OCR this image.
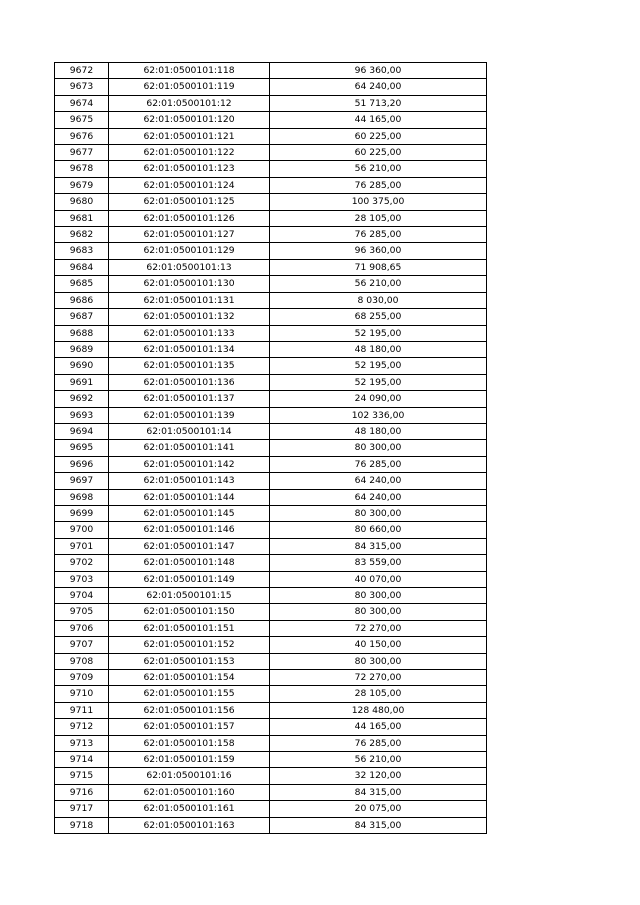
9672	62:01:0500101:118	96 360,00
9673	62:01:0500101:119	64 240,00
9674	62:01:0500101:12	51 713,20
9675	62:01:0500101:120	44 165,00
9676	62:01:0500101:121	60 225,00
9677	62:01:0500101:122	60 225,00
9678	62:01:0500101:123	56 210,00
9679	62:01:0500101:124	76 285,00
9680	62:01:0500101:125	100 375,00
9681	62:01:0500101:126	28 105,00
9682	62:01:0500101:127	76 285,00
9683	62:01:0500101:129	96 360,00
9684	62:01:0500101:13	71 908,65
9685	62:01:0500101:130	56 210,00
9686	62:01:0500101:131	8 030,00
9687	62:01:0500101:132	68 255,00
9688	62:01:0500101:133	52 195,00
9689	62:01:0500101:134	48 180,00
9690	62:01:0500101:135	52 195,00
9691	62:01:0500101:136	52 195,00
9692	62:01:0500101:137	24 090,00
9693	62:01:0500101:139	102 336,00
9694	62:01:0500101:14	48 180,00
9695	62:01:0500101:141	80 300,00
9696	62:01:0500101:142	76 285,00
9697	62:01:0500101:143	64 240,00
9698	62:01:0500101:144	64 240,00
9699	62:01:0500101:145	80 300,00
9700	62:01:0500101:146	80 660,00
9701	62:01:0500101:147	84 315,00
9702	62:01:0500101:148	83 559,00
9703	62:01:0500101:149	40 070,00
9704	62:01:0500101:15	80 300,00
9705	62:01:0500101:150	80 300,00
9706	62:01:0500101:151	72 270,00
9707	62:01:0500101:152	40 150,00
9708	62:01:0500101:153	80 300,00
9709	62:01:0500101:154	72 270,00
9710	62:01:0500101:155	28 105,00
9711	62:01:0500101:156	128 480,00
9712	62:01:0500101:157	44 165,00
9713	62:01:0500101:158	76 285,00
9714	62:01:0500101:159	56 210,00
9715	62:01:0500101:16	32 120,00
9716	62:01:0500101:160	84 315,00
9717	62:01:0500101:161	20 075,00
9718	62:01:0500101:163	84 315,00
